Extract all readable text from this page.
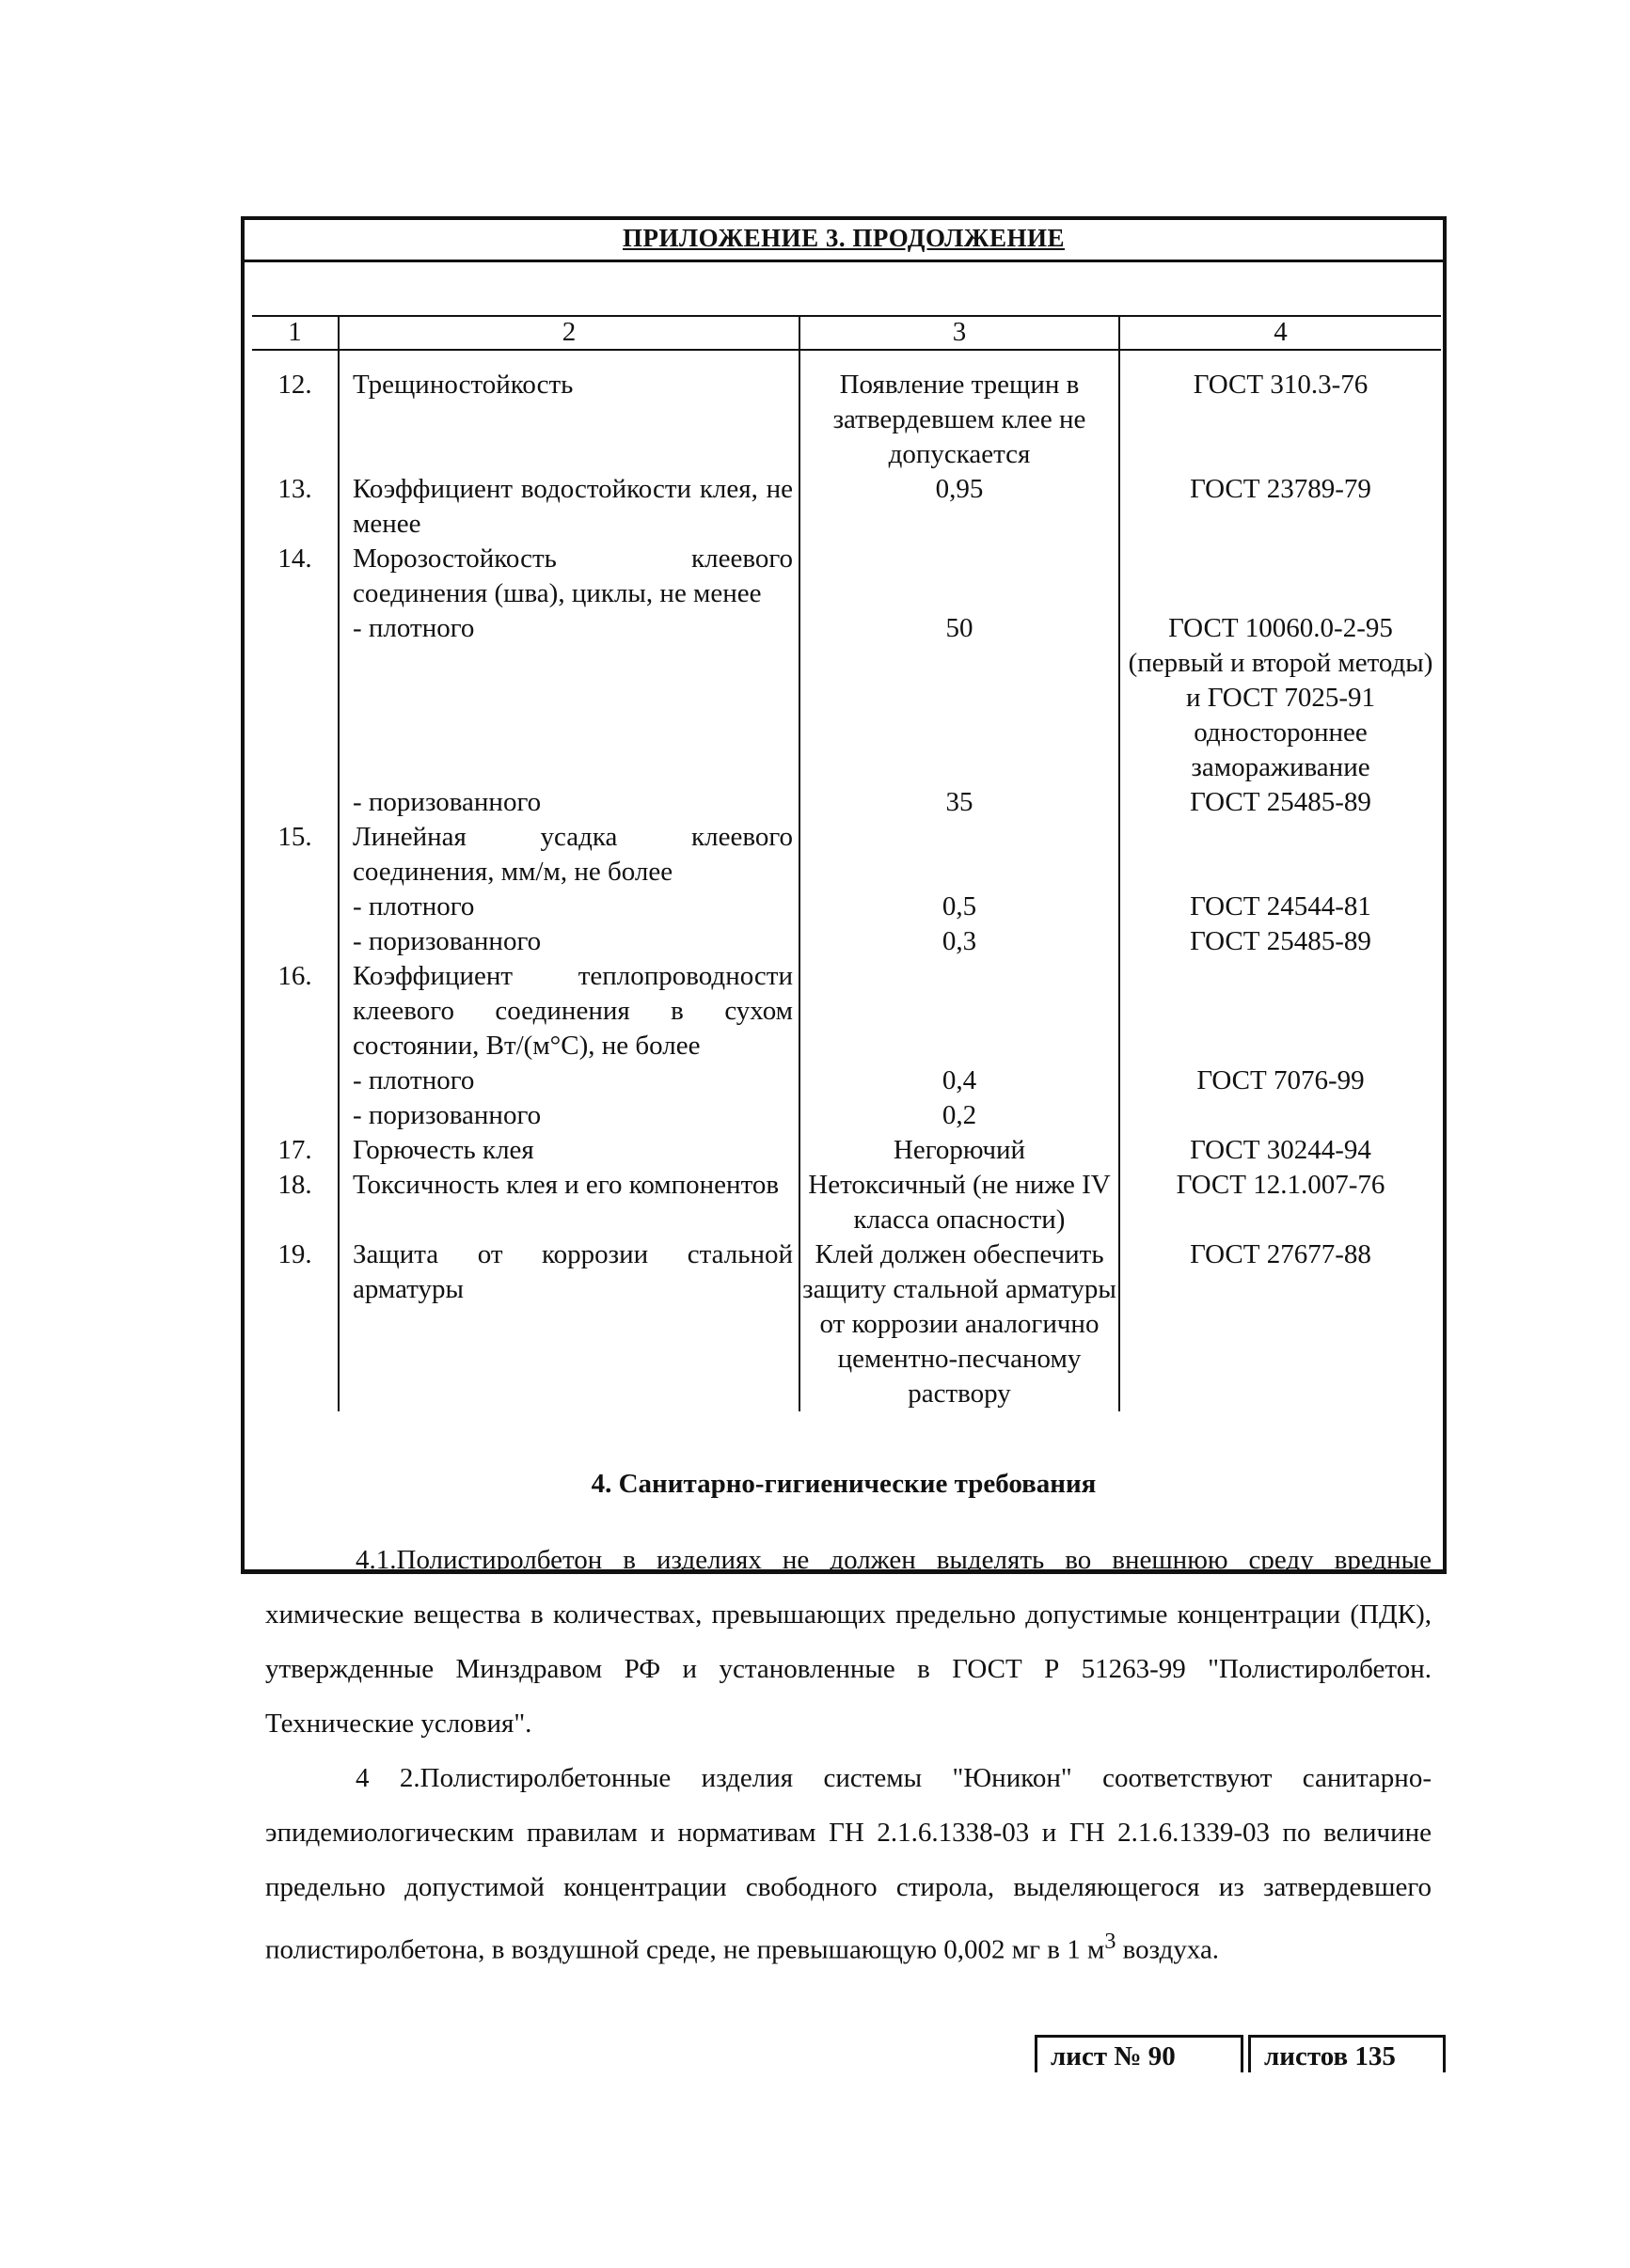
ПРИЛОЖЕНИЕ 3. ПРОДОЛЖЕНИЕ
1	2	3	4

12.	Трещиностойкость	Появление трещин в затвердевшем клее не допускается	ГОСТ 310.3-76
13.	Коэффициент водостойкости клея, не менее	0,95	ГОСТ 23789-79
14.	Морозостойкость клеевого соединения (шва), циклы, не менее		
	- плотного	50	ГОСТ 10060.0-2-95 (первый и второй методы) и ГОСТ 7025-91 одностороннее замораживание
	- поризованного	35	ГОСТ 25485-89
15.	Линейная усадка клеевого соединения, мм/м, не более		
	- плотного	0,5	ГОСТ 24544-81
	- поризованного	0,3	ГОСТ 25485-89
16.	Коэффициент теплопроводности клеевого соединения в сухом состоянии, Вт/(м°С), не более		
	- плотного	0,4	ГОСТ 7076-99
	- поризованного	0,2	
17.	Горючесть клея	Негорючий	ГОСТ 30244-94
18.	Токсичность клея и его компонентов	Нетоксичный (не ниже IV класса опасности)	ГОСТ 12.1.007-76
19.	Защита от коррозии стальной арматуры	Клей должен обеспечить защиту стальной арматуры от коррозии аналогично цементно-песчаному раствору	ГОСТ 27677-88
4. Санитарно-гигиенические требования
4.1.Полистиролбетон в изделиях не должен выделять во внешнюю среду вредные химические вещества в количествах, превышающих предельно допустимые концентрации (ПДК), утвержденные Минздравом РФ и установленные в ГОСТ Р 51263-99 "Полистиролбетон. Технические условия".
4 2.Полистиролбетонные изделия системы "Юникон" соответствуют санитарно-эпидемиологическим правилам и нормативам ГН 2.1.6.1338-03 и ГН 2.1.6.1339-03 по величине предельно допустимой концентрации свободного стирола, выделяющегося из затвердевшего полистиролбетона, в воздушной среде, не превышающую 0,002 мг в 1 $м^3$ воздуха.
лист № 90	листов 135
